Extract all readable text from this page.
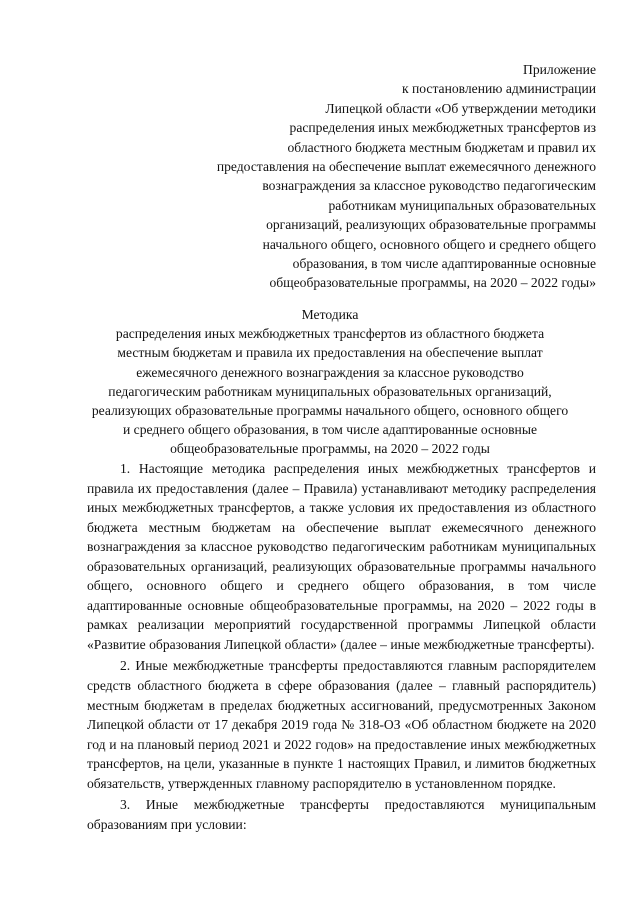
Приложение
к постановлению администрации
Липецкой области «Об утверждении методики
распределения иных межбюджетных трансфертов из
областного бюджета местным бюджетам и правил их
предоставления на обеспечение выплат ежемесячного денежного
вознаграждения за классное руководство педагогическим
работникам муниципальных образовательных
организаций, реализующих образовательные программы
начального общего, основного общего и среднего общего
образования, в том числе адаптированные основные
общеобразовательные программы, на 2020 – 2022 годы»
Методика
распределения иных межбюджетных трансфертов из областного бюджета
местным бюджетам и правила их предоставления на обеспечение выплат
ежемесячного денежного вознаграждения за классное руководство
педагогическим работникам муниципальных образовательных организаций,
реализующих образовательные программы начального общего, основного общего
и среднего общего образования, в том числе адаптированные основные
общеобразовательные программы, на 2020 – 2022 годы

1. Настоящие методика распределения иных межбюджетных трансфертов и правила их предоставления (далее – Правила) устанавливают методику распределения иных межбюджетных трансфертов, а также условия их предоставления из областного бюджета местным бюджетам на обеспечение выплат ежемесячного денежного вознаграждения за классное руководство педагогическим работникам муниципальных образовательных организаций, реализующих образовательные программы начального общего, основного общего и среднего общего образования, в том числе адаптированные основные общеобразовательные программы, на 2020 – 2022 годы в рамках реализации мероприятий государственной программы Липецкой области «Развитие образования Липецкой области» (далее – иные межбюджетные трансферты).

2. Иные межбюджетные трансферты предоставляются главным распорядителем средств областного бюджета в сфере образования (далее – главный распорядитель) местным бюджетам в пределах бюджетных ассигнований, предусмотренных Законом Липецкой области от 17 декабря 2019 года № 318-ОЗ «Об областном бюджете на 2020 год и на плановый период 2021 и 2022 годов» на предоставление иных межбюджетных трансфертов, на цели, указанные в пункте 1 настоящих Правил, и лимитов бюджетных обязательств, утвержденных главному распорядителю в установленном порядке.

3. Иные межбюджетные трансферты предоставляются муниципальным образованиям при условии:
